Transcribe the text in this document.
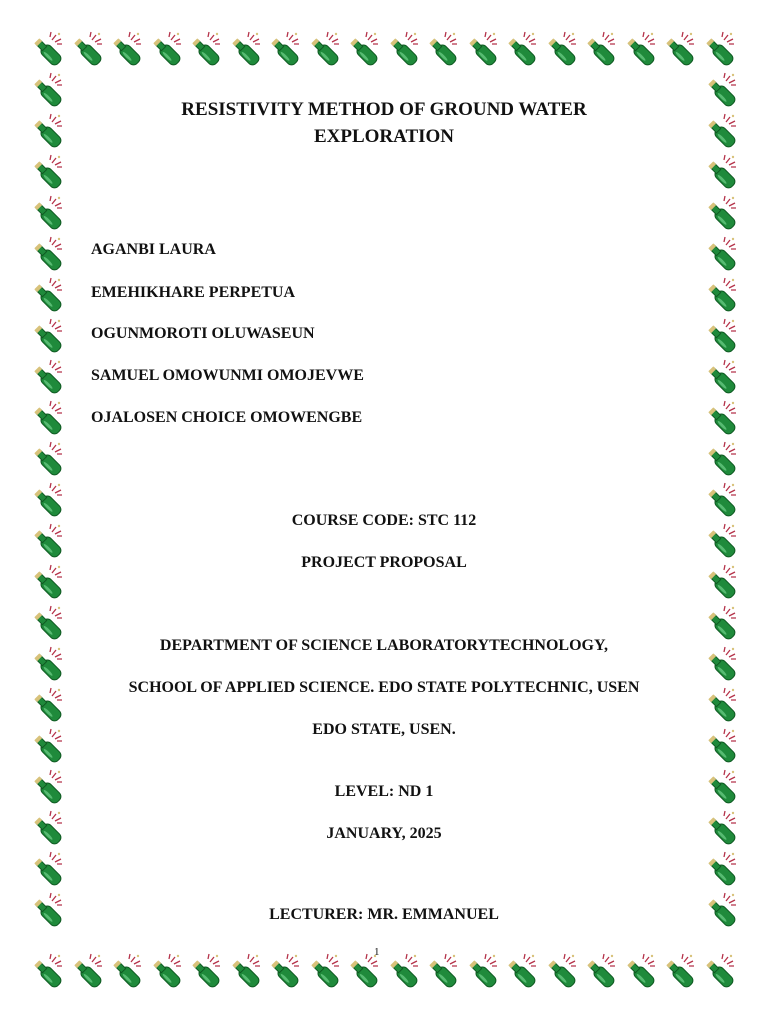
RESISTIVITY METHOD OF GROUND WATER
EXPLORATION
AGANBI LAURA
EMEHIKHARE PERPETUA
OGUNMOROTI OLUWASEUN
SAMUEL OMOWUNMI OMOJEVWE
OJALOSEN CHOICE OMOWENGBE
COURSE CODE: STC 112
PROJECT PROPOSAL
DEPARTMENT OF SCIENCE LABORATORYTECHNOLOGY,
SCHOOL OF APPLIED SCIENCE. EDO STATE POLYTECHNIC, USEN
EDO STATE, USEN.
LEVEL: ND 1
JANUARY, 2025
LECTURER: MR. EMMANUEL
1
